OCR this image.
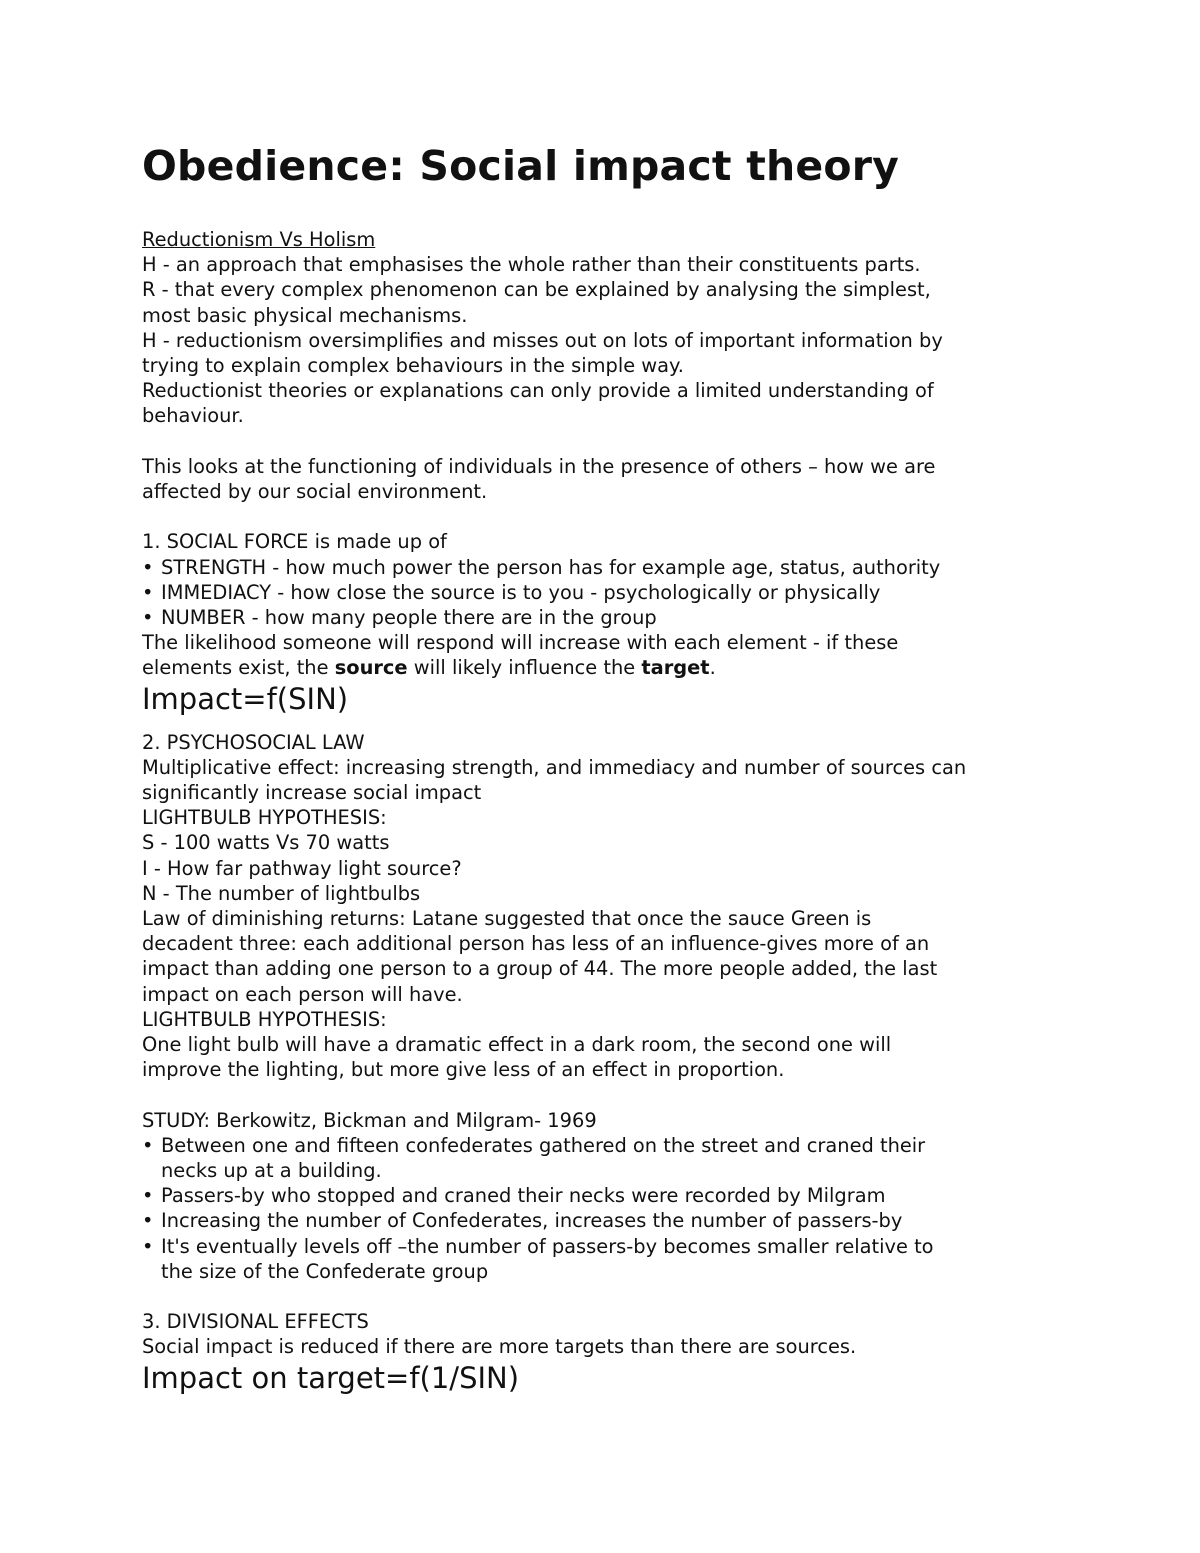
Obedience: Social impact theory

Reductionism Vs Holism

H - an approach that emphasises the whole rather than their constituents parts.

R - that every complex phenomenon can be explained by analysing the simplest,

most basic physical mechanisms.

H - reductionism oversimplifies and misses out on lots of important information by

trying to explain complex behaviours in the simple way.

Reductionist theories or explanations can only provide a limited understanding of

behaviour.

This looks at the functioning of individuals in the presence of others – how we are

affected by our social environment.

1. SOCIAL FORCE is made up of

• STRENGTH - how much power the person has for example age, status, authority
• IMMEDIACY - how close the source is to you - psychologically or physically
• NUMBER - how many people there are in the group

The likelihood someone will respond will increase with each element - if these

elements exist, the source will likely influence the target.

Impact=f(SIN)

2. PSYCHOSOCIAL LAW

Multiplicative effect: increasing strength, and immediacy and number of sources can

significantly increase social impact

LIGHTBULB HYPOTHESIS:

S - 100 watts Vs 70 watts

I - How far pathway light source?

N - The number of lightbulbs

Law of diminishing returns: Latane suggested that once the sauce Green is

decadent three: each additional person has less of an influence-gives more of an

impact than adding one person to a group of 44. The more people added, the last

impact on each person will have.

LIGHTBULB HYPOTHESIS:

One light bulb will have a dramatic effect in a dark room, the second one will

improve the lighting, but more give less of an effect in proportion.

STUDY: Berkowitz, Bickman and Milgram- 1969

• Between one and fifteen confederates gathered on the street and craned their
necks up at a building.
• Passers-by who stopped and craned their necks were recorded by Milgram
• Increasing the number of Confederates, increases the number of passers-by
• It's eventually levels off –the number of passers-by becomes smaller relative to
the size of the Confederate group

3. DIVISIONAL EFFECTS

Social impact is reduced if there are more targets than there are sources.

Impact on target=f(1/SIN)
